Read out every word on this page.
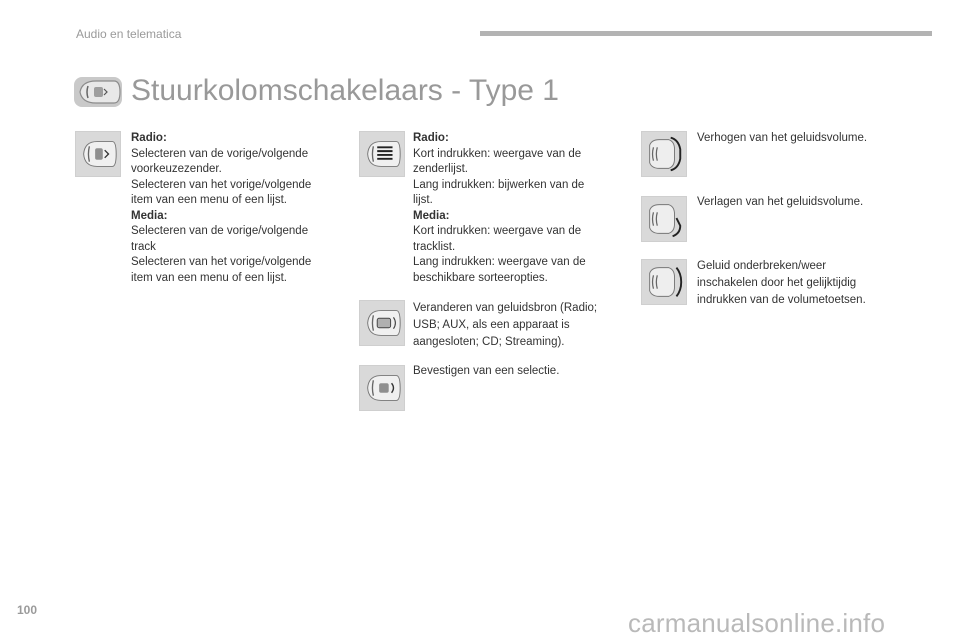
Audio en telematica
Stuurkolomschakelaars - Type 1
Radio:
Selecteren van de vorige/volgende
voorkeuzezender.
Selecteren van het vorige/volgende
item van een menu of een lijst.
Media:
Selecteren van de vorige/volgende
track
Selecteren van het vorige/volgende
item van een menu of een lijst.
Radio:
Kort indrukken: weergave van de
zenderlijst.
Lang indrukken: bijwerken van de
lijst.
Media:
Kort indrukken: weergave van de
tracklist.
Lang indrukken: weergave van de
beschikbare sorteeropties.
Veranderen van geluidsbron (Radio;
USB; AUX, als een apparaat is
aangesloten; CD; Streaming).
Bevestigen van een selectie.
Verhogen van het geluidsvolume.
Verlagen van het geluidsvolume.
Geluid onderbreken/weer
inschakelen door het gelijktijdig
indrukken van de volumetoetsen.
100	carmanualsonline.info
